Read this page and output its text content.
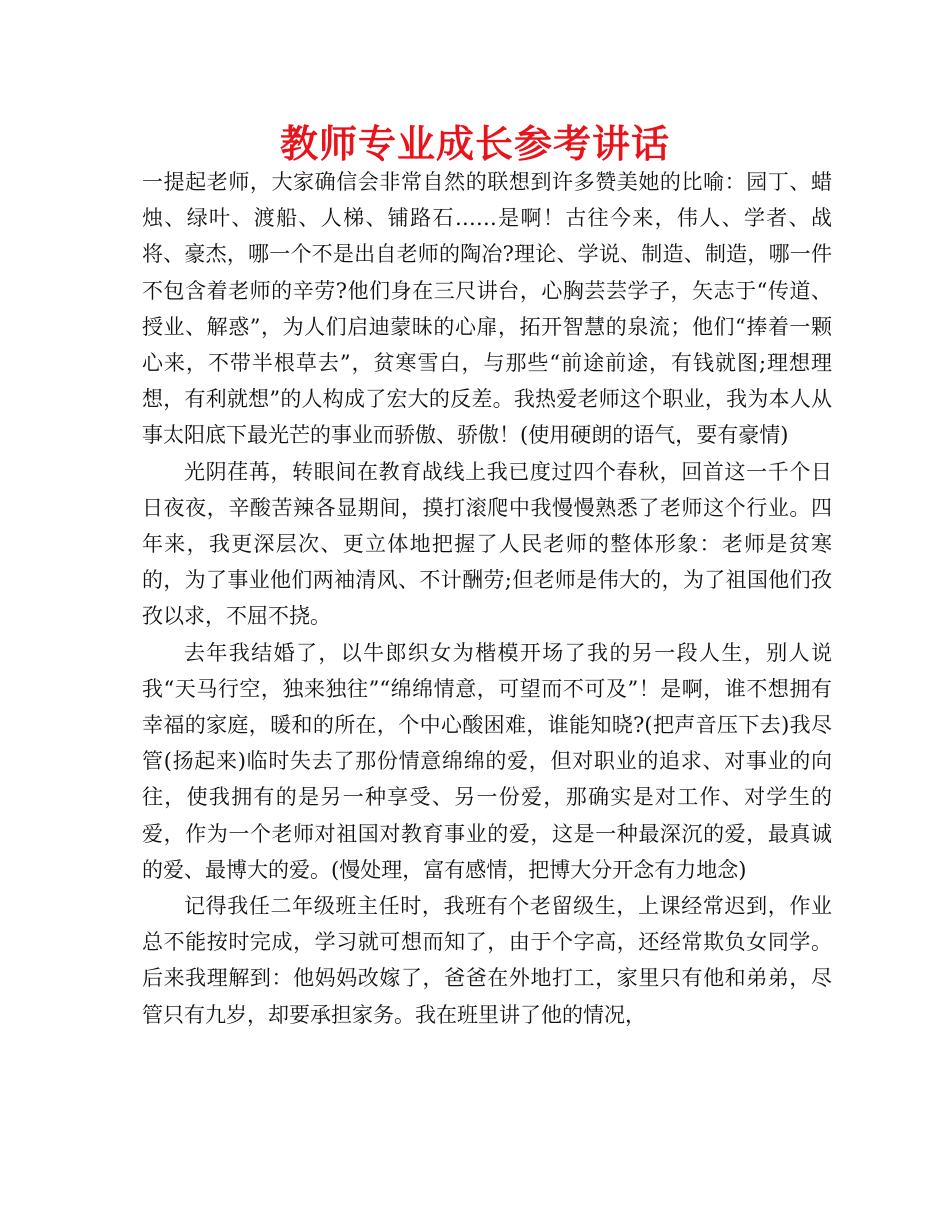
教师专业成长参考讲话

一提起老师，大家确信会非常自然的联想到许多赞美她的比喻：园丁、蜡烛、绿叶、渡船、人梯、铺路石……是啊！古往今来，伟人、学者、战将、豪杰，哪一个不是出自老师的陶冶?理论、学说、制造、制造，哪一件不包含着老师的辛劳?他们身在三尺讲台，心胸芸芸学子，矢志于“传道、授业、解惑”，为人们启迪蒙昧的心扉，拓开智慧的泉流；他们“捧着一颗心来，不带半根草去”，贫寒雪白，与那些“前途前途，有钱就图;理想理想，有利就想”的人构成了宏大的反差。我热爱老师这个职业，我为本人从事太阳底下最光芒的事业而骄傲、骄傲！(使用硬朗的语气，要有豪情)

光阴荏苒，转眼间在教育战线上我已度过四个春秋，回首这一千个日日夜夜，辛酸苦辣各显期间，摸打滚爬中我慢慢熟悉了老师这个行业。四年来，我更深层次、更立体地把握了人民老师的整体形象：老师是贫寒的，为了事业他们两袖清风、不计酬劳;但老师是伟大的，为了祖国他们孜孜以求，不屈不挠。

去年我结婚了，以牛郎织女为楷模开场了我的另一段人生，别人说我“天马行空，独来独往”“绵绵情意，可望而不可及”！是啊，谁不想拥有幸福的家庭，暖和的所在，个中心酸困难，谁能知晓?(把声音压下去)我尽管(扬起来)临时失去了那份情意绵绵的爱，但对职业的追求、对事业的向往，使我拥有的是另一种享受、另一份爱，那确实是对工作、对学生的爱，作为一个老师对祖国对教育事业的爱，这是一种最深沉的爱，最真诚的爱、最博大的爱。(慢处理，富有感情，把博大分开念有力地念)

记得我任二年级班主任时，我班有个老留级生，上课经常迟到，作业总不能按时完成，学习就可想而知了，由于个字高，还经常欺负女同学。后来我理解到：他妈妈改嫁了，爸爸在外地打工，家里只有他和弟弟，尽管只有九岁，却要承担家务。我在班里讲了他的情况，
